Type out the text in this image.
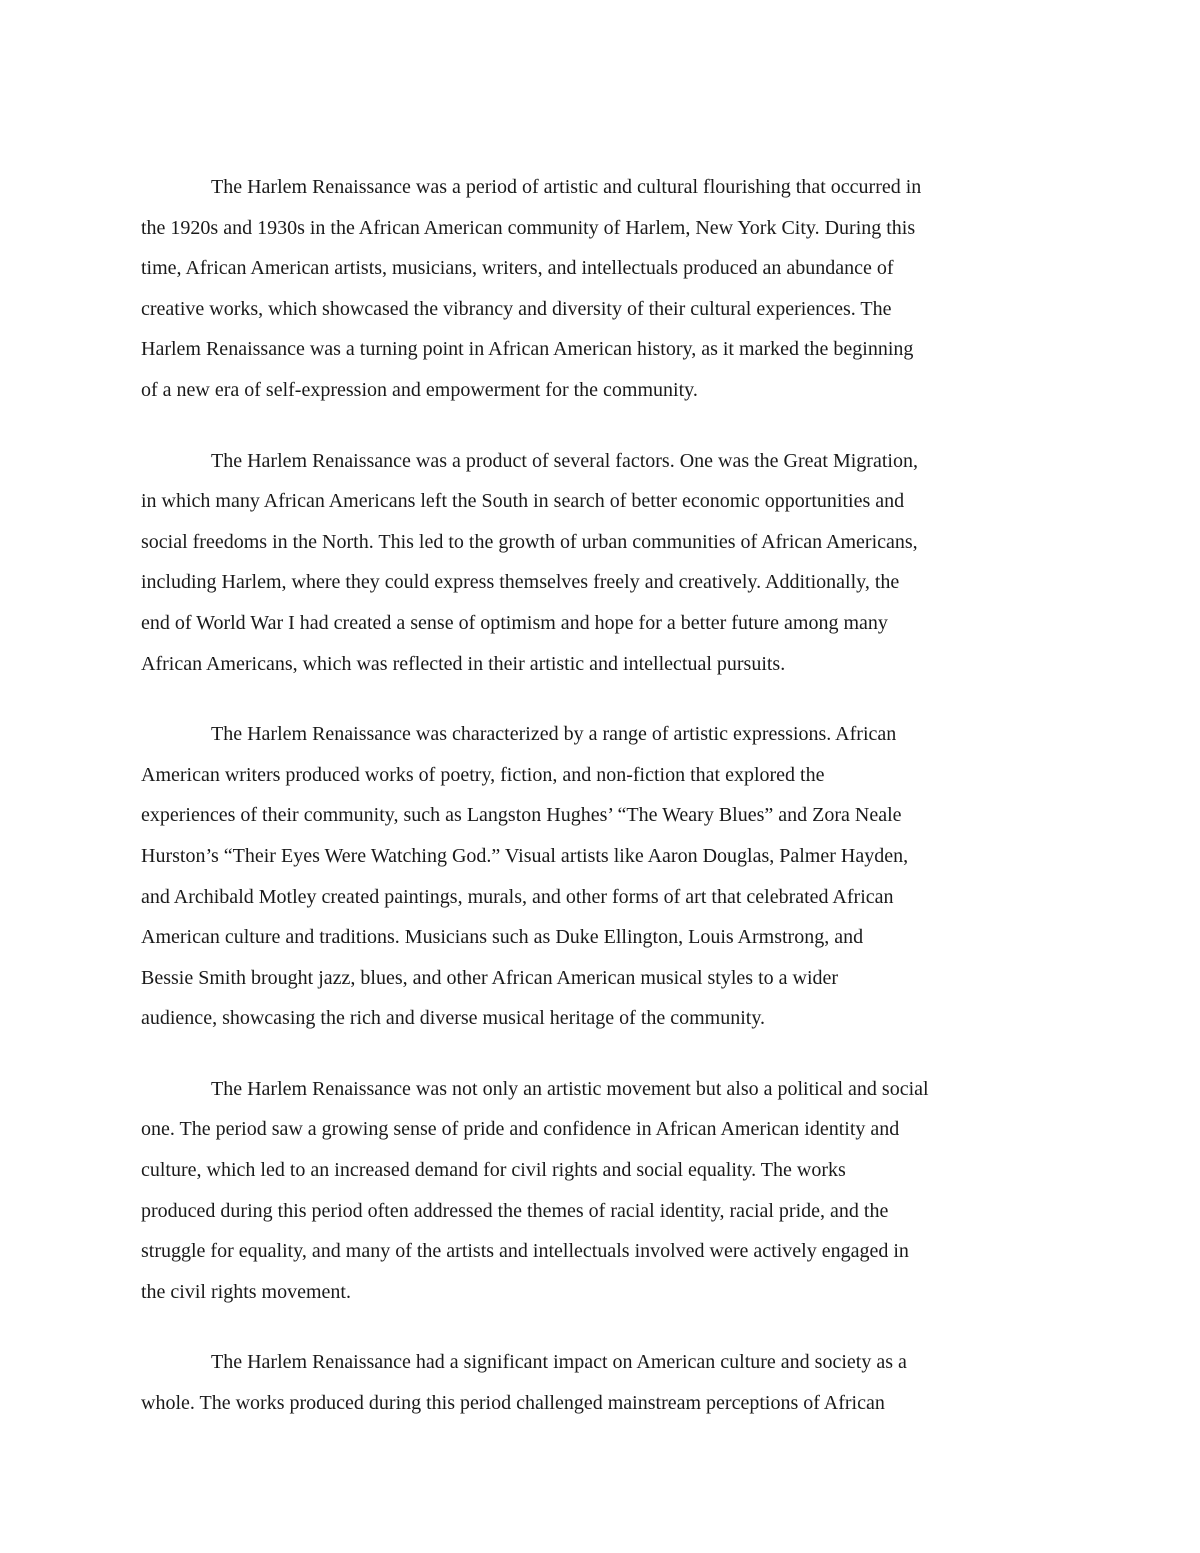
The Harlem Renaissance was a period of artistic and cultural flourishing that occurred in
the 1920s and 1930s in the African American community of Harlem, New York City. During this
time, African American artists, musicians, writers, and intellectuals produced an abundance of
creative works, which showcased the vibrancy and diversity of their cultural experiences. The
Harlem Renaissance was a turning point in African American history, as it marked the beginning
of a new era of self-expression and empowerment for the community.
The Harlem Renaissance was a product of several factors. One was the Great Migration,
in which many African Americans left the South in search of better economic opportunities and
social freedoms in the North. This led to the growth of urban communities of African Americans,
including Harlem, where they could express themselves freely and creatively. Additionally, the
end of World War I had created a sense of optimism and hope for a better future among many
African Americans, which was reflected in their artistic and intellectual pursuits.
The Harlem Renaissance was characterized by a range of artistic expressions. African
American writers produced works of poetry, fiction, and non-fiction that explored the
experiences of their community, such as Langston Hughes’ “The Weary Blues” and Zora Neale
Hurston’s “Their Eyes Were Watching God.” Visual artists like Aaron Douglas, Palmer Hayden,
and Archibald Motley created paintings, murals, and other forms of art that celebrated African
American culture and traditions. Musicians such as Duke Ellington, Louis Armstrong, and
Bessie Smith brought jazz, blues, and other African American musical styles to a wider
audience, showcasing the rich and diverse musical heritage of the community.
The Harlem Renaissance was not only an artistic movement but also a political and social
one. The period saw a growing sense of pride and confidence in African American identity and
culture, which led to an increased demand for civil rights and social equality. The works
produced during this period often addressed the themes of racial identity, racial pride, and the
struggle for equality, and many of the artists and intellectuals involved were actively engaged in
the civil rights movement.
The Harlem Renaissance had a significant impact on American culture and society as a
whole. The works produced during this period challenged mainstream perceptions of African
